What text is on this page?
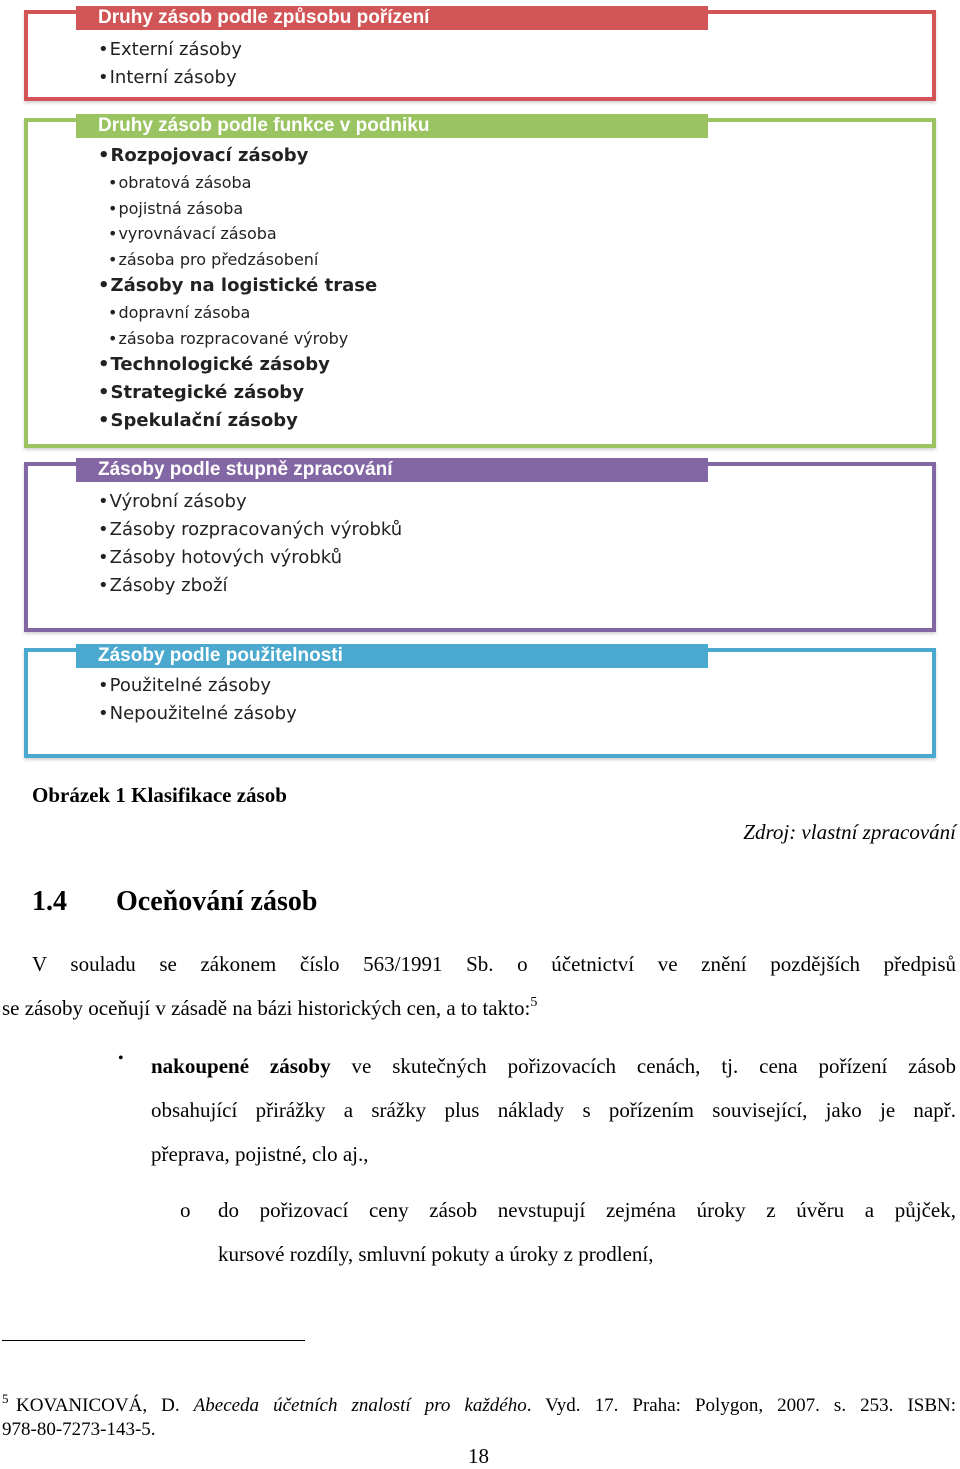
Druhy zásob podle způsobu pořízení
• Externí zásoby
• Interní zásoby
Druhy zásob podle funkce v podniku
• Rozpojovací zásoby
• obratová zásoba
• pojistná zásoba
• vyrovnávací zásoba
• zásoba pro předzásobení
• Zásoby na logistické trase
• dopravní zásoba
• zásoba rozpracované výroby
• Technologické zásoby
• Strategické zásoby
• Spekulační zásoby
Zásoby podle stupně zpracování
• Výrobní zásoby
• Zásoby rozpracovaných výrobků
• Zásoby hotových výrobků
• Zásoby zboží
Zásoby podle použitelnosti
• Použitelné zásoby
• Nepoužitelné zásoby
Obrázek 1 Klasifikace zásob
Zdroj: vlastní zpracování
1.4 Oceňování zásob
V souladu se zákonem číslo 563/1991 Sb. o účetnictví ve znění pozdějších předpisů
se zásoby oceňují v zásadě na bázi historických cen, a to takto:$^5$
• nakoupené zásoby ve skutečných pořizovacích cenách, tj. cena pořízení zásob
obsahující přirážky a srážky plus náklady s pořízením související, jako je např.
přeprava, pojistné, clo aj.,
o do pořizovací ceny zásob nevstupují zejména úroky z úvěru a půjček,
kursové rozdíly, smluvní pokuty a úroky z prodlení,
5 KOVANICOVÁ, D. Abeceda účetních znalostí pro každého. Vyd. 17. Praha: Polygon, 2007. s. 253. ISBN:
978-80-7273-143-5.
18
